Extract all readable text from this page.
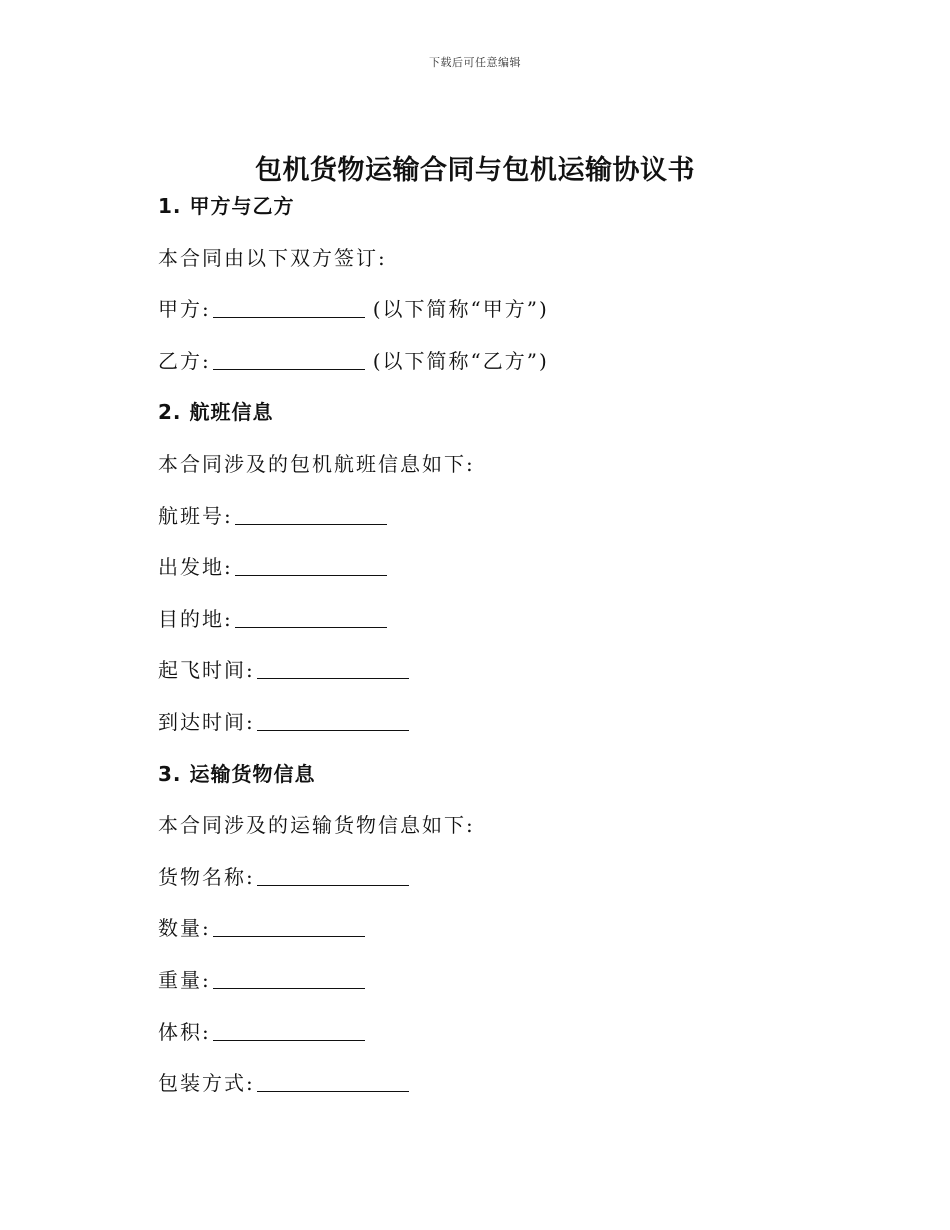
下载后可任意编辑
包机货物运输合同与包机运输协议书
1. 甲方与乙方
本合同由以下双方签订:
甲方:	(以下简称“甲方”)
乙方:	(以下简称“乙方”)
2. 航班信息
本合同涉及的包机航班信息如下:
航班号:
出发地:
目的地:
起飞时间:
到达时间:
3. 运输货物信息
本合同涉及的运输货物信息如下:
货物名称:
数量:
重量:
体积:
包装方式:
